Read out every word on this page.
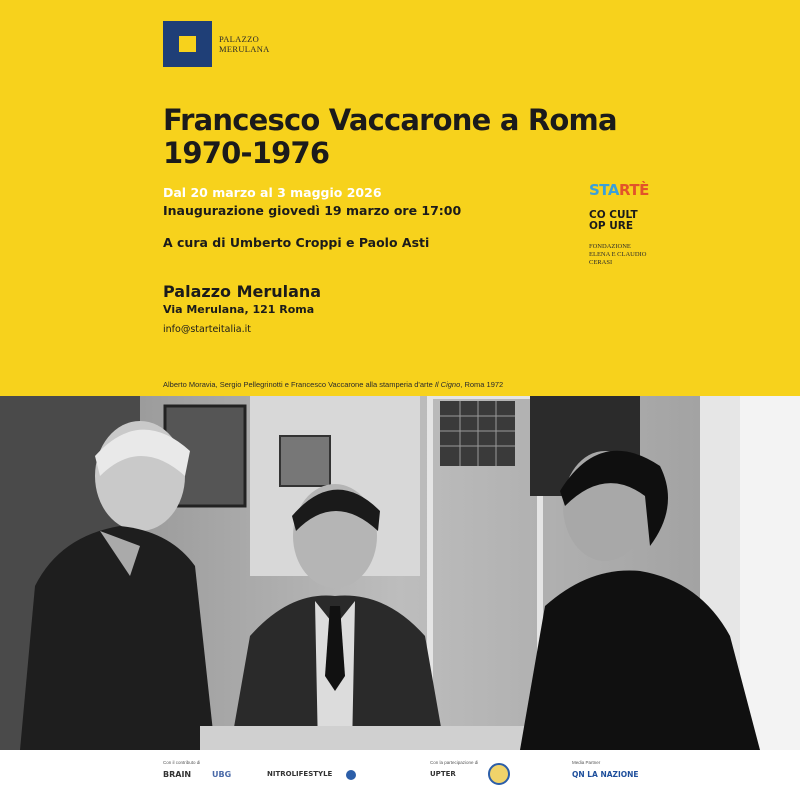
PALAZZO
MERULANA
Francesco Vaccarone a Roma
1970-1976
Dal 20 marzo al 3 maggio 2026
Inaugurazione giovedì 19 marzo ore 17:00
A cura di Umberto Croppi e Paolo Asti
Palazzo Merulana
Via Merulana, 121 Roma
info@starteitalia.it
STARTÈ
CO CULT
OP URE
FONDAZIONE
ELENA E CLAUDIO
CERASI
Alberto Moravia, Sergio Pellegrinotti e Francesco Vaccarone alla stamperia d'arte Il Cigno, Roma 1972
Con il contributo di	Con la partecipazione di	Media Partner
BRAIN	UBG	NITROLIFESTYLE	UPTER	QN LA NAZIONE
